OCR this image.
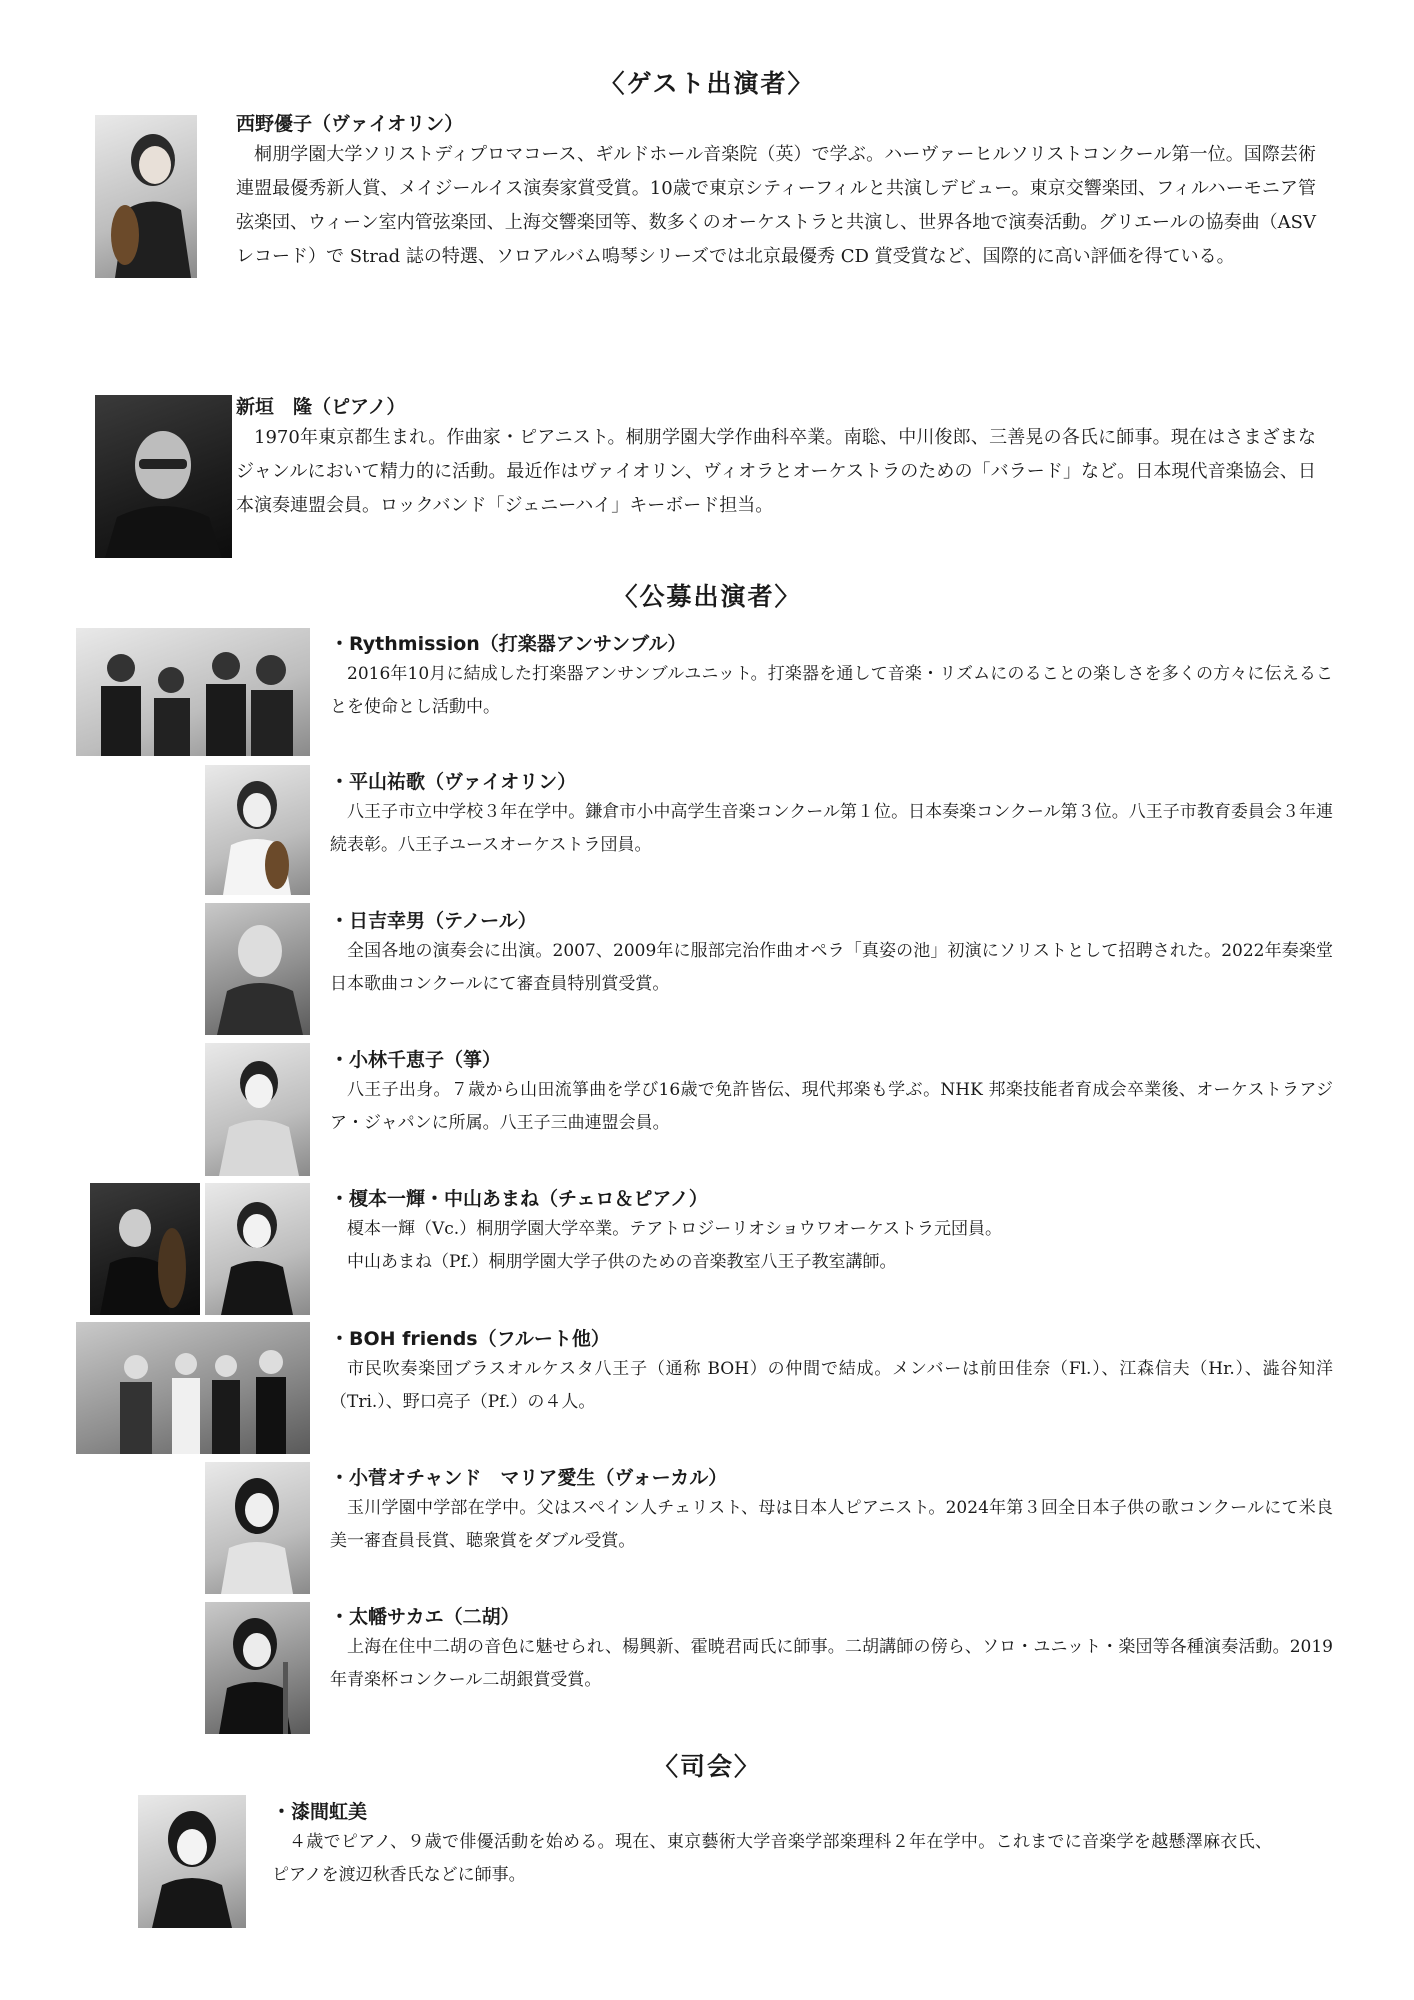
〈ゲスト出演者〉

西野優子（ヴァイオリン）

桐朋学園大学ソリストディプロマコース、ギルドホール音楽院（英）で学ぶ。ハーヴァーヒルソリストコンクール第一位。国際芸術連盟最優秀新人賞、メイジールイス演奏家賞受賞。10歳で東京シティーフィルと共演しデビュー。東京交響楽団、フィルハーモニア管弦楽団、ウィーン室内管弦楽団、上海交響楽団等、数多くのオーケストラと共演し、世界各地で演奏活動。グリエールの協奏曲（ASV レコード）で Strad 誌の特選、ソロアルバム鳴琴シリーズでは北京最優秀 CD 賞受賞など、国際的に高い評価を得ている。

新垣　隆（ピアノ）

1970年東京都生まれ。作曲家・ピアニスト。桐朋学園大学作曲科卒業。南聡、中川俊郎、三善晃の各氏に師事。現在はさまざまなジャンルにおいて精力的に活動。最近作はヴァイオリン、ヴィオラとオーケストラのための「バラード」など。日本現代音楽協会、日本演奏連盟会員。ロックバンド「ジェニーハイ」キーボード担当。

〈公募出演者〉

・Rythmission（打楽器アンサンブル）

2016年10月に結成した打楽器アンサンブルユニット。打楽器を通して音楽・リズムにのることの楽しさを多くの方々に伝えることを使命とし活動中。

・平山祐歌（ヴァイオリン）

八王子市立中学校３年在学中。鎌倉市小中高学生音楽コンクール第１位。日本奏楽コンクール第３位。八王子市教育委員会３年連続表彰。八王子ユースオーケストラ団員。

・日吉幸男（テノール）

全国各地の演奏会に出演。2007、2009年に服部完治作曲オペラ「真姿の池」初演にソリストとして招聘された。2022年奏楽堂日本歌曲コンクールにて審査員特別賞受賞。

・小林千恵子（箏）

八王子出身。７歳から山田流箏曲を学び16歳で免許皆伝、現代邦楽も学ぶ。NHK 邦楽技能者育成会卒業後、オーケストラアジア・ジャパンに所属。八王子三曲連盟会員。

・榎本一輝・中山あまね（チェロ＆ピアノ）

榎本一輝（Vc.）桐朋学園大学卒業。テアトロジーリオショウワオーケストラ元団員。

中山あまね（Pf.）桐朋学園大学子供のための音楽教室八王子教室講師。

・BOH friends（フルート他）

市民吹奏楽団ブラスオルケスタ八王子（通称 BOH）の仲間で結成。メンバーは前田佳奈（Fl.）、江森信夫（Hr.）、澁谷知洋（Tri.）、野口亮子（Pf.）の４人。

・小菅オチャンド　マリア愛生（ヴォーカル）

玉川学園中学部在学中。父はスペイン人チェリスト、母は日本人ピアニスト。2024年第３回全日本子供の歌コンクールにて米良美一審査員長賞、聴衆賞をダブル受賞。

・太幡サカエ（二胡）

上海在住中二胡の音色に魅せられ、楊興新、霍暁君両氏に師事。二胡講師の傍ら、ソロ・ユニット・楽団等各種演奏活動。2019年青楽杯コンクール二胡銀賞受賞。

〈司会〉

・漆間虹美

４歳でピアノ、９歳で俳優活動を始める。現在、東京藝術大学音楽学部楽理科２年在学中。これまでに音楽学を越懸澤麻衣氏、ピアノを渡辺秋香氏などに師事。
